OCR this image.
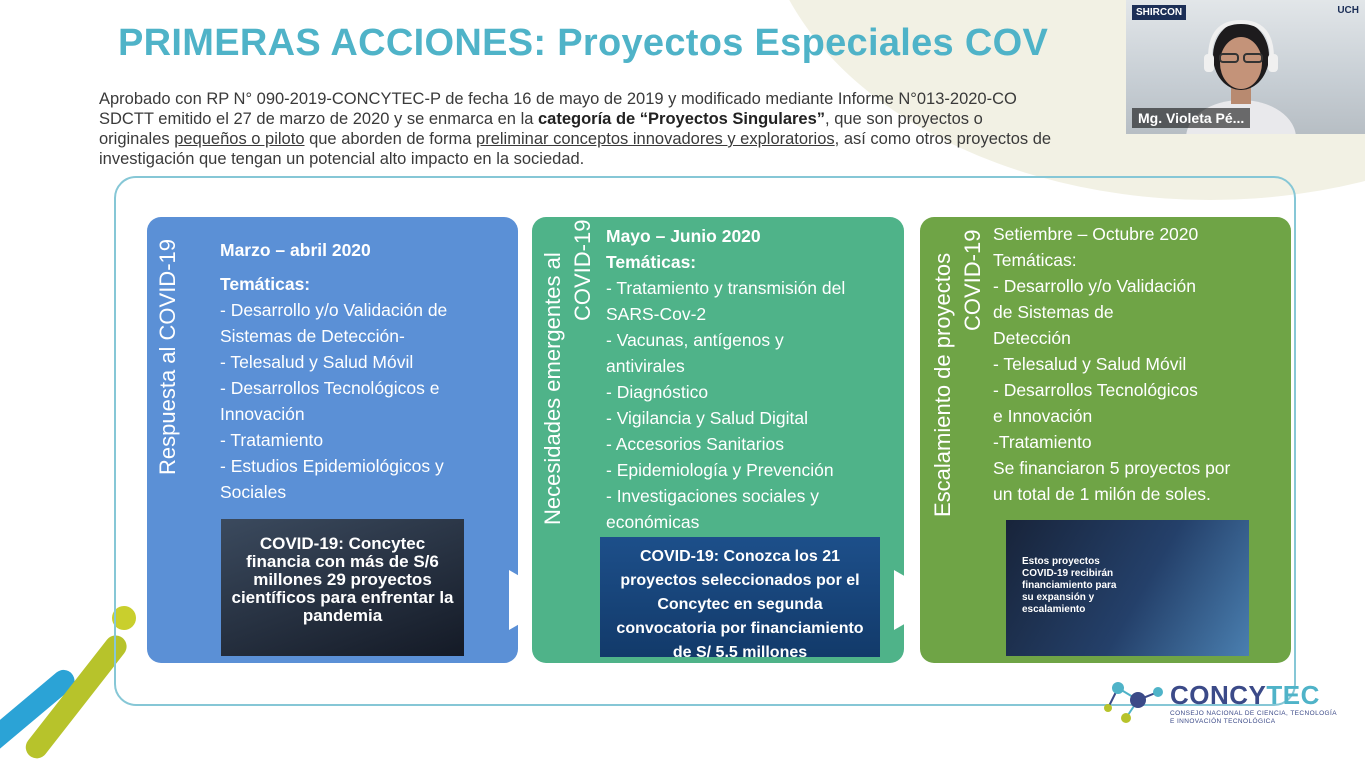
PRIMERAS ACCIONES: Proyectos Especiales COV
Aprobado con RP N° 090-2019-CONCYTEC-P de fecha 16 de mayo de 2019 y modificado mediante Informe N°013-2020-CO
SDCTT emitido el 27 de marzo de 2020 y se enmarca en la categoría de “Proyectos Singulares”, que son proyectos o
originales pequeños o piloto que aborden de forma preliminar conceptos innovadores y exploratorios, así como otros proyectos de
investigación que tengan un potencial alto impacto en la sociedad.
Respuesta al COVID-19 Marzo – abril 2020
Temáticas:
- Desarrollo y/o Validación de
Sistemas de Detección-
- Telesalud y Salud Móvil
- Desarrollos Tecnológicos e
Innovación
- Tratamiento
- Estudios Epidemiológicos y
Sociales
COVID-19: Concytec financia con más de S/6 millones 29 proyectos científicos para enfrentar la pandemia
Necesidades emergentes al COVID-19 Mayo – Junio 2020
Temáticas:
- Tratamiento y transmisión del
SARS-Cov-2
- Vacunas, antígenos y
antivirales
- Diagnóstico
- Vigilancia y Salud Digital
- Accesorios Sanitarios
- Epidemiología y Prevención
- Investigaciones sociales y
económicas
COVID-19: Conozca los 21 proyectos seleccionados por el Concytec en segunda convocatoria por financiamiento de S/ 5.5 millones
Escalamiento de proyectos COVID-19 Setiembre – Octubre 2020
Temáticas:
- Desarrollo y/o Validación
de Sistemas de
Detección
- Telesalud y Salud Móvil
- Desarrollos Tecnológicos
e Innovación
-Tratamiento
Se financiaron 5 proyectos por
un total de 1 milón de soles.
Estos proyectos COVID-19 recibirán financiamiento para su expansión y escalamiento
CONCYTEC
CONSEJO NACIONAL DE CIENCIA, TECNOLOGÍA E INNOVACIÓN TECNOLÓGICA
SHIRCON	UCH
Mg. Violeta Pé...
